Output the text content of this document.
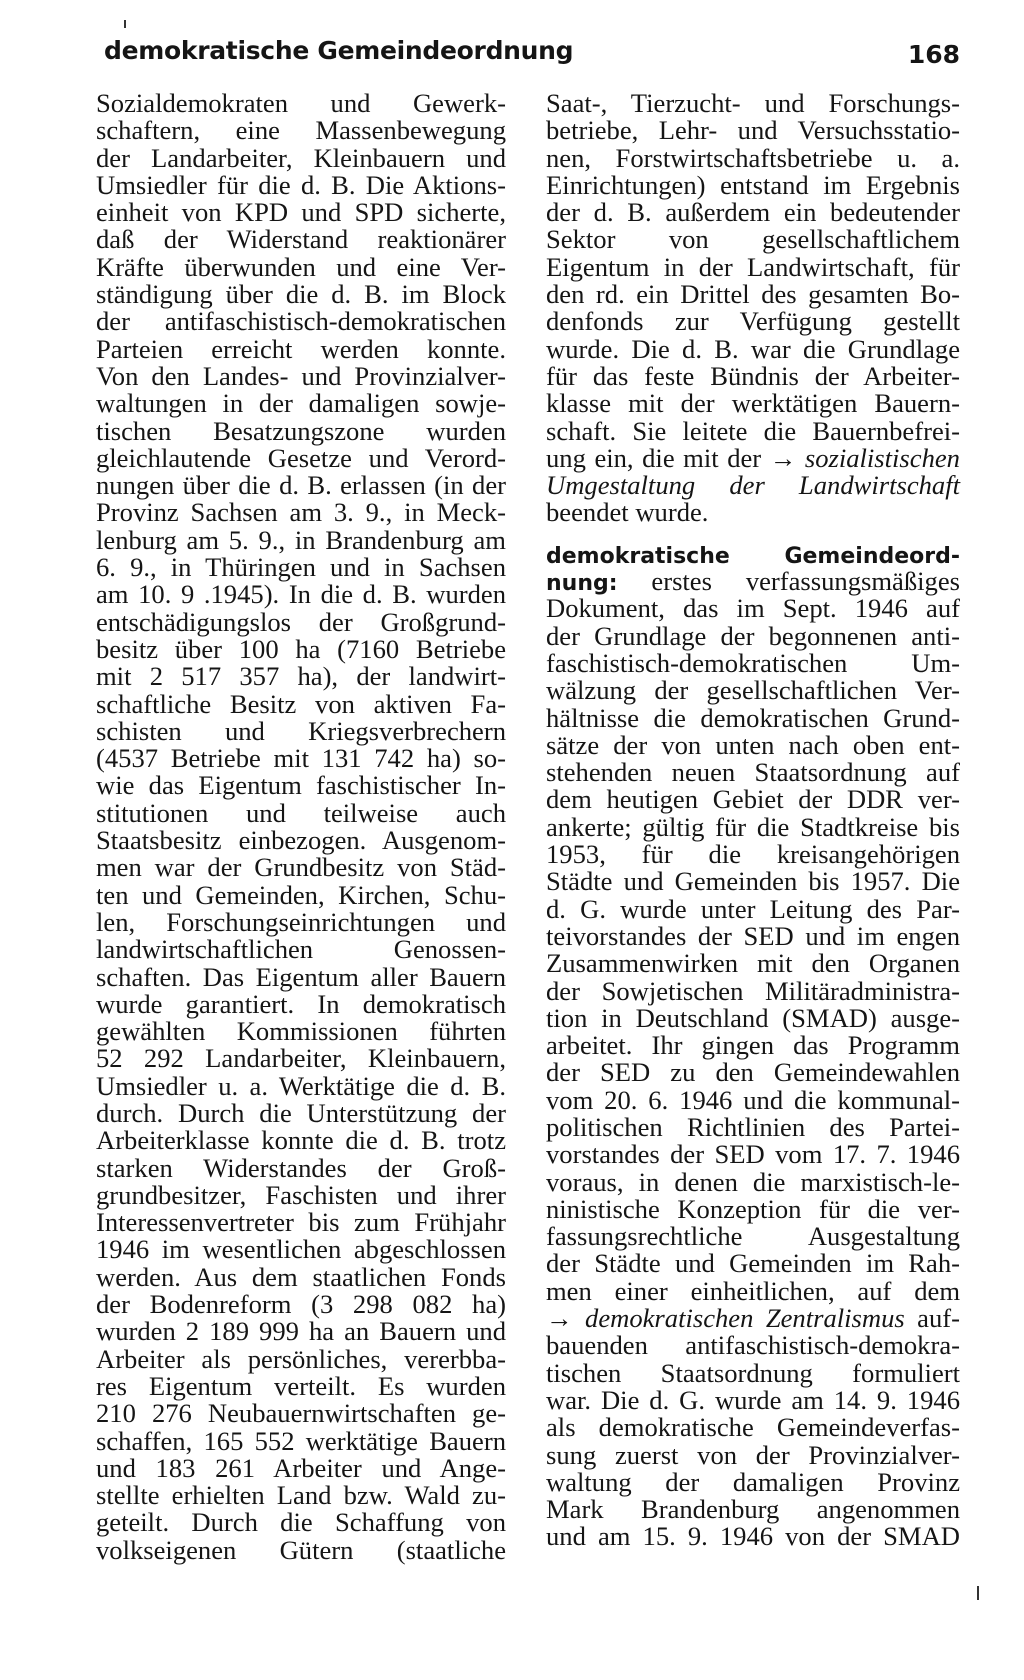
demokratische Gemeindeordnung	168
Sozialdemokraten und Gewerk-
schaftern, eine Massenbewegung
der Landarbeiter, Kleinbauern und
Umsiedler für die d. B. Die Aktions-
einheit von KPD und SPD sicherte,
daß der Widerstand reaktionärer
Kräfte überwunden und eine Ver-
ständigung über die d. B. im Block
der antifaschistisch-demokratischen
Parteien erreicht werden konnte.
Von den Landes- und Provinzialver-
waltungen in der damaligen sowje-
tischen Besatzungszone wurden
gleichlautende Gesetze und Verord-
nungen über die d. B. erlassen (in der
Provinz Sachsen am 3. 9., in Meck-
lenburg am 5. 9., in Brandenburg am
6. 9., in Thüringen und in Sachsen
am 10. 9 .1945). In die d. B. wurden
entschädigungslos der Großgrund-
besitz über 100 ha (7160 Betriebe
mit 2 517 357 ha), der landwirt-
schaftliche Besitz von aktiven Fa-
schisten und Kriegsverbrechern
(4537 Betriebe mit 131 742 ha) so-
wie das Eigentum faschistischer In-
stitutionen und teilweise auch
Staatsbesitz einbezogen. Ausgenom-
men war der Grundbesitz von Städ-
ten und Gemeinden, Kirchen, Schu-
len, Forschungseinrichtungen und
landwirtschaftlichen Genossen-
schaften. Das Eigentum aller Bauern
wurde garantiert. In demokratisch
gewählten Kommissionen führten
52 292 Landarbeiter, Kleinbauern,
Umsiedler u. a. Werktätige die d. B.
durch. Durch die Unterstützung der
Arbeiterklasse konnte die d. B. trotz
starken Widerstandes der Groß-
grundbesitzer, Faschisten und ihrer
Interessenvertreter bis zum Frühjahr
1946 im wesentlichen abgeschlossen
werden. Aus dem staatlichen Fonds
der Bodenreform (3 298 082 ha)
wurden 2 189 999 ha an Bauern und
Arbeiter als persönliches, vererbba-
res Eigentum verteilt. Es wurden
210 276 Neubauernwirtschaften ge-
schaffen, 165 552 werktätige Bauern
und 183 261 Arbeiter und Ange-
stellte erhielten Land bzw. Wald zu-
geteilt. Durch die Schaffung von
volkseigenen Gütern (staatliche
Saat-, Tierzucht- und Forschungs-
betriebe, Lehr- und Versuchsstatio-
nen, Forstwirtschaftsbetriebe u. a.
Einrichtungen) entstand im Ergebnis
der d. B. außerdem ein bedeutender
Sektor von gesellschaftlichem
Eigentum in der Landwirtschaft, für
den rd. ein Drittel des gesamten Bo-
denfonds zur Verfügung gestellt
wurde. Die d. B. war die Grundlage
für das feste Bündnis der Arbeiter-
klasse mit der werktätigen Bauern-
schaft. Sie leitete die Bauernbefrei-
ung ein, die mit der → sozialistischen
Umgestaltung der Landwirtschaft
beendet wurde.
demokratische Gemeindeord-
nung: erstes verfassungsmäßiges
Dokument, das im Sept. 1946 auf
der Grundlage der begonnenen anti-
faschistisch-demokratischen Um-
wälzung der gesellschaftlichen Ver-
hältnisse die demokratischen Grund-
sätze der von unten nach oben ent-
stehenden neuen Staatsordnung auf
dem heutigen Gebiet der DDR ver-
ankerte; gültig für die Stadtkreise bis
1953, für die kreisangehörigen
Städte und Gemeinden bis 1957. Die
d. G. wurde unter Leitung des Par-
teivorstandes der SED und im engen
Zusammenwirken mit den Organen
der Sowjetischen Militäradministra-
tion in Deutschland (SMAD) ausge-
arbeitet. Ihr gingen das Programm
der SED zu den Gemeindewahlen
vom 20. 6. 1946 und die kommunal-
politischen Richtlinien des Partei-
vorstandes der SED vom 17. 7. 1946
voraus, in denen die marxistisch-le-
ninistische Konzeption für die ver-
fassungsrechtliche Ausgestaltung
der Städte und Gemeinden im Rah-
men einer einheitlichen, auf dem
→ demokratischen Zentralismus auf-
bauenden antifaschistisch-demokra-
tischen Staatsordnung formuliert
war. Die d. G. wurde am 14. 9. 1946
als demokratische Gemeindeverfas-
sung zuerst von der Provinzialver-
waltung der damaligen Provinz
Mark Brandenburg angenommen
und am 15. 9. 1946 von der SMAD
